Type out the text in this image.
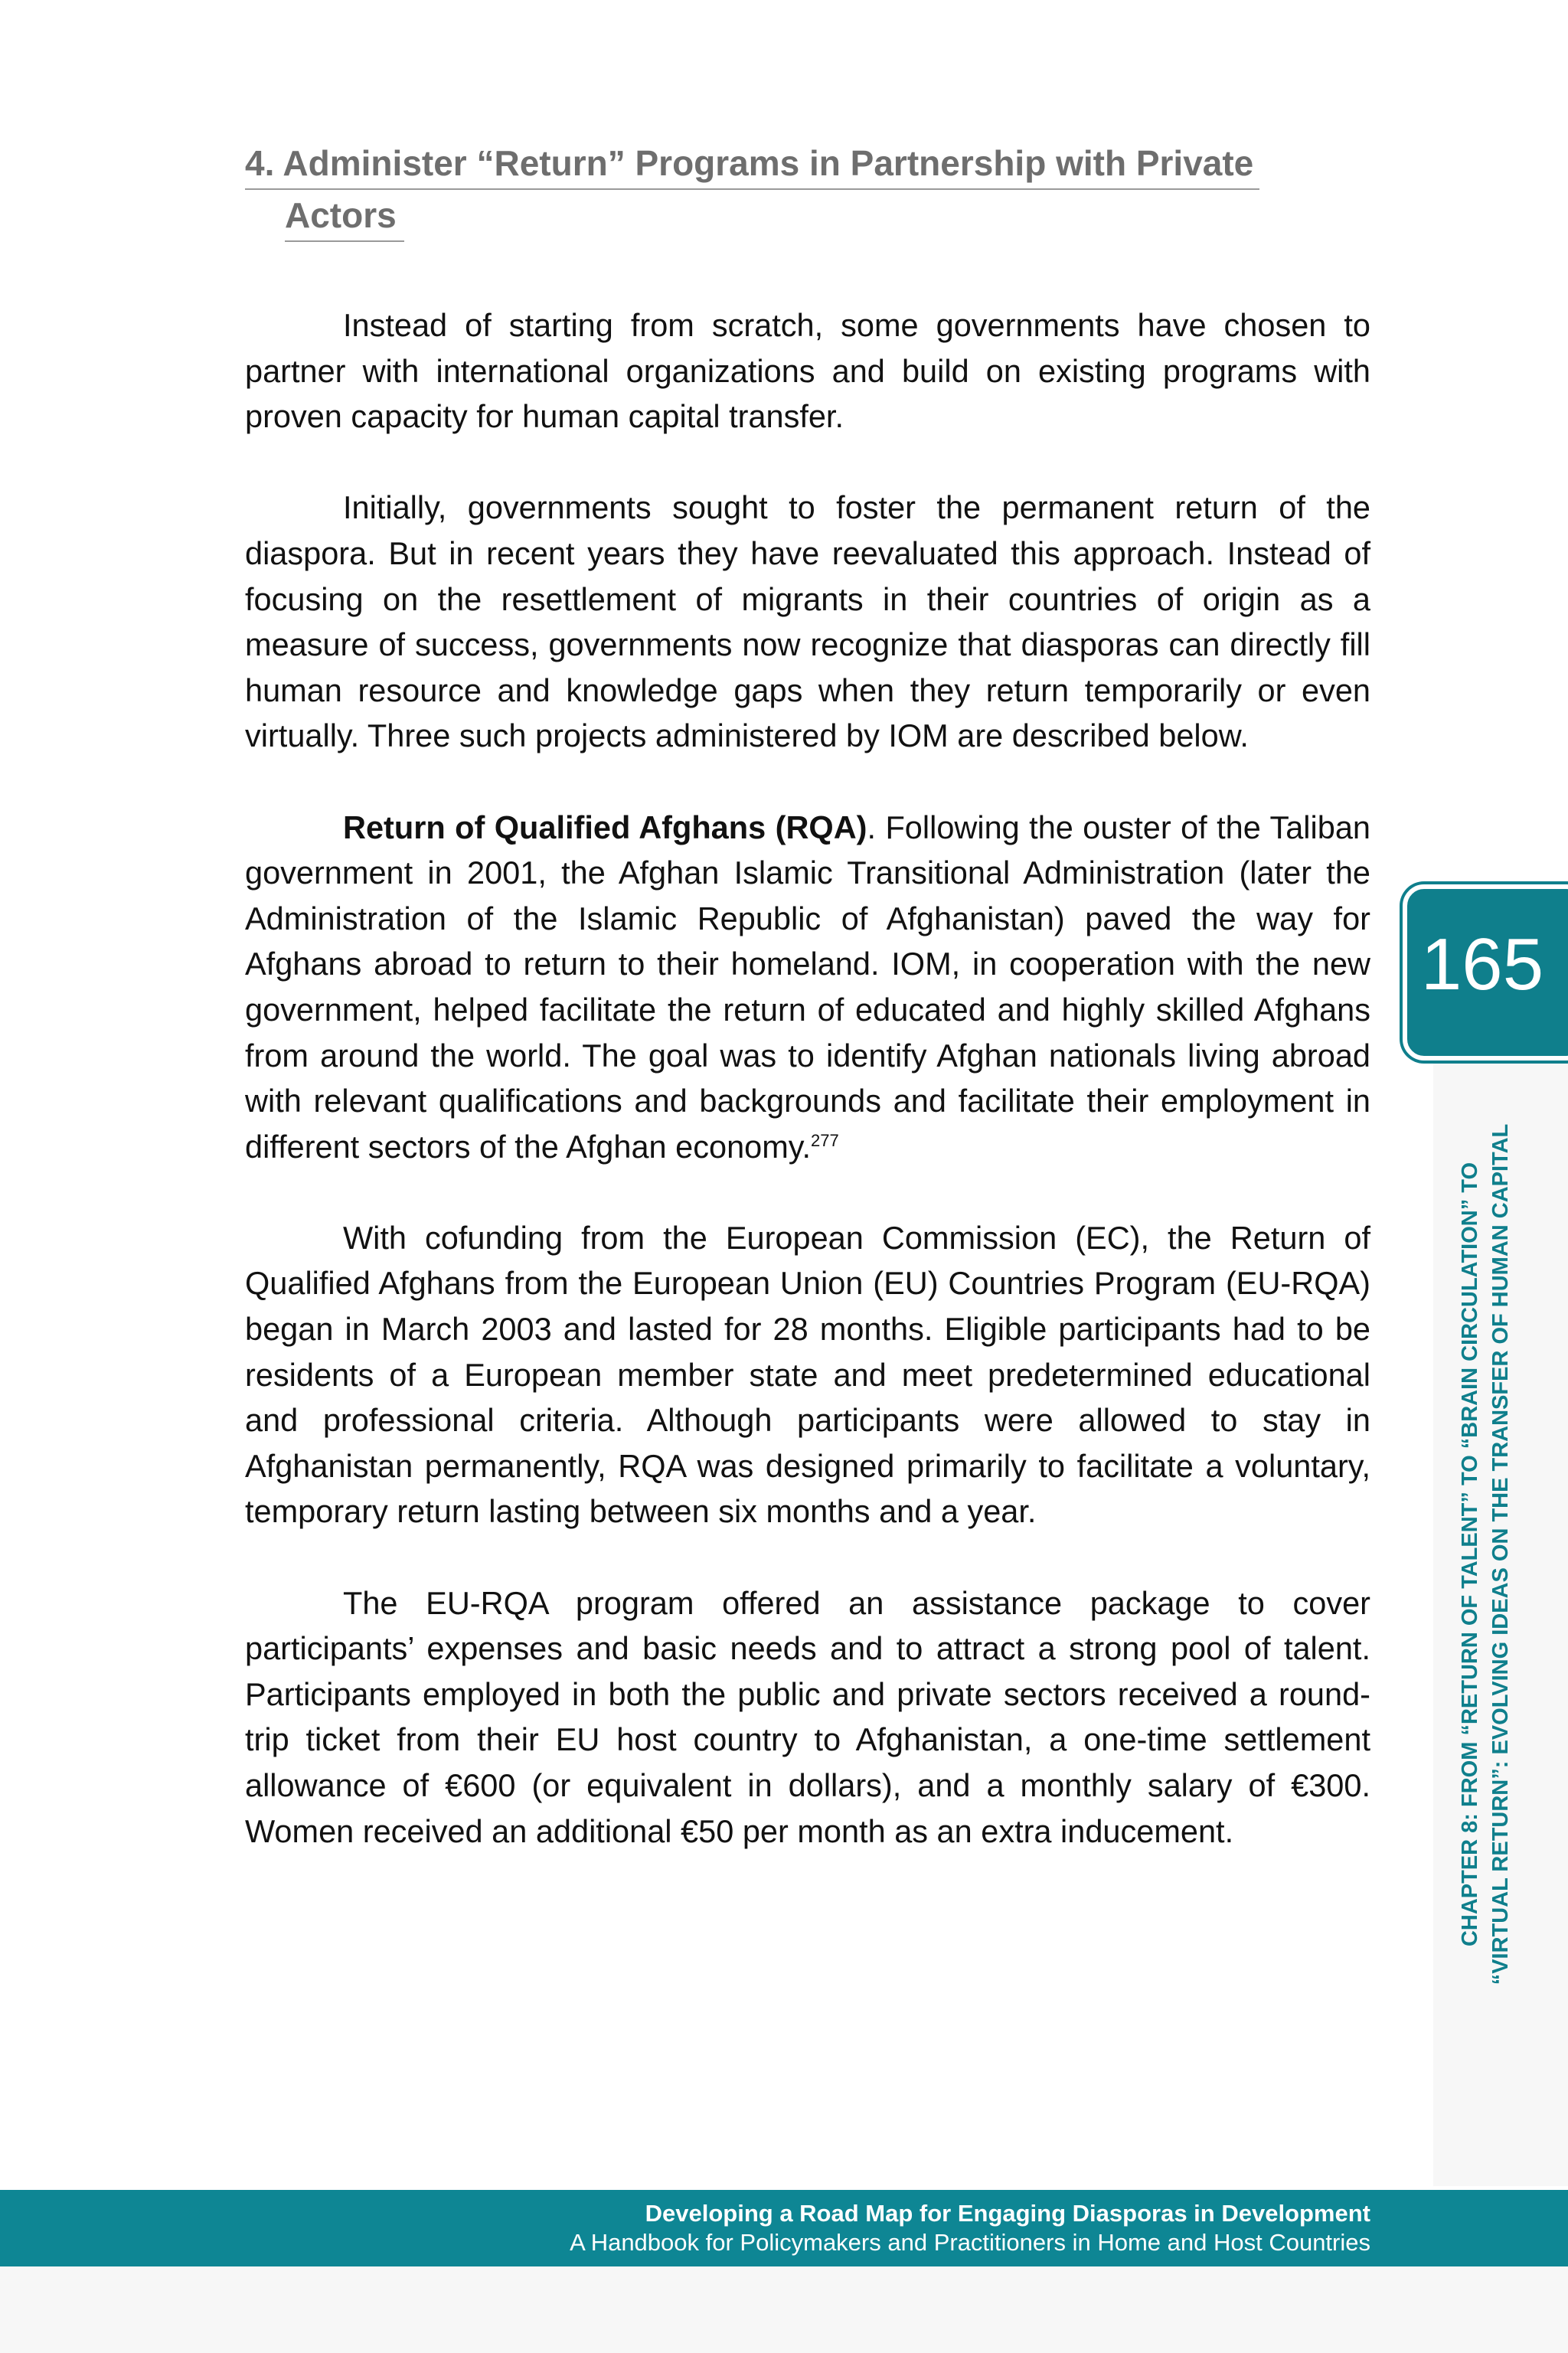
4. Administer “Return” Programs in Partnership with Private
Actors

Instead of starting from scratch, some governments have chosen to partner with international organizations and build on existing programs with proven capacity for human capital transfer.

Initially, governments sought to foster the permanent return of the diaspora. But in recent years they have reevaluated this approach. Instead of focusing on the resettlement of migrants in their countries of origin as a measure of success, governments now recognize that diasporas can directly fill human resource and knowledge gaps when they return temporarily or even virtually. Three such projects administered by IOM are described below.

Return of Qualified Afghans (RQA). Following the ouster of the Taliban government in 2001, the Afghan Islamic Transitional Administration (later the Administration of the Islamic Republic of Afghanistan) paved the way for Afghans abroad to return to their homeland. IOM, in cooperation with the new government, helped facilitate the return of educated and highly skilled Afghans from around the world. The goal was to identify Afghan nationals living abroad with relevant qualifications and backgrounds and facilitate their employment in different sectors of the Afghan economy.$^{277}$

With cofunding from the European Commission (EC), the Return of Qualified Afghans from the European Union (EU) Countries Program (EU-RQA) began in March 2003 and lasted for 28 months. Eligible participants had to be residents of a European member state and meet predetermined educational and professional criteria. Although participants were allowed to stay in Afghanistan permanently, RQA was designed primarily to facilitate a voluntary, temporary return lasting between six months and a year.

The EU-RQA program offered an assistance package to cover participants’ expenses and basic needs and to attract a strong pool of talent. Participants employed in both the public and private sectors received a round-trip ticket from their EU host country to Afghanistan, a one-time settlement allowance of €600 (or equivalent in dollars), and a monthly salary of €300. Women received an additional €50 per month as an extra inducement.

165
CHAPTER 8: FROM “RETURN OF TALENT” TO “BRAIN CIRCULATION” TO “VIRTUAL RETURN”: EVOLVING IDEAS ON THE TRANSFER OF HUMAN CAPITAL
Developing a Road Map for Engaging Diasporas in Development
A Handbook for Policymakers and Practitioners in Home and Host Countries
